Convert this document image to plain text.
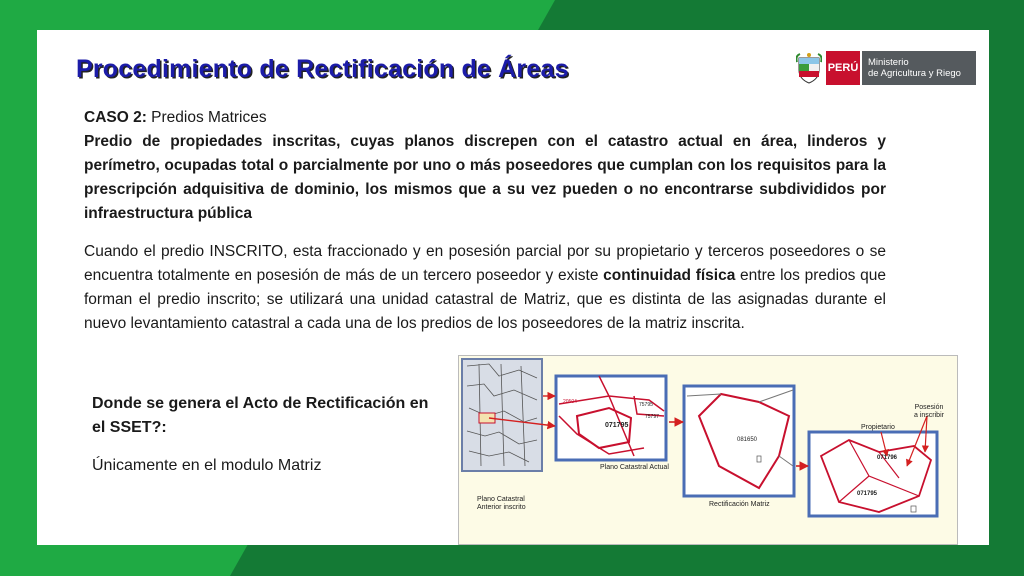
Procedimiento de Rectificación de Áreas	PERÚ Ministerio
de Agricultura y Riego
CASO 2: Predios Matrices
Predio de propiedades inscritas, cuyas planos discrepen con el catastro actual en área, linderos y perímetro, ocupadas total o parcialmente por uno o más poseedores que cumplan con los requisitos para la prescripción adquisitiva de dominio, los mismos que a su vez pueden o no encontrarse subdivididos por infraestructura pública
Cuando el predio INSCRITO, esta fraccionado y en posesión parcial por su propietario y terceros poseedores o se encuentra totalmente en posesión de más de un tercero poseedor y existe continuidad física entre los predios que forman el predio inscrito; se utilizará una unidad catastral de Matriz, que es distinta de las asignadas durante el nuevo levantamiento catastral a cada una de los predios de los poseedores de la matriz inscrita.
Donde se genera el Acto de Rectificación en el SSET?:
Únicamente en el modulo Matriz
Plano Catastral
Anterior inscrito
Plano Catastral Actual
Rectificación Matriz
Propietario
Posesión
a inscribir
071795
081650
071796
071795
75795
75797
20504
